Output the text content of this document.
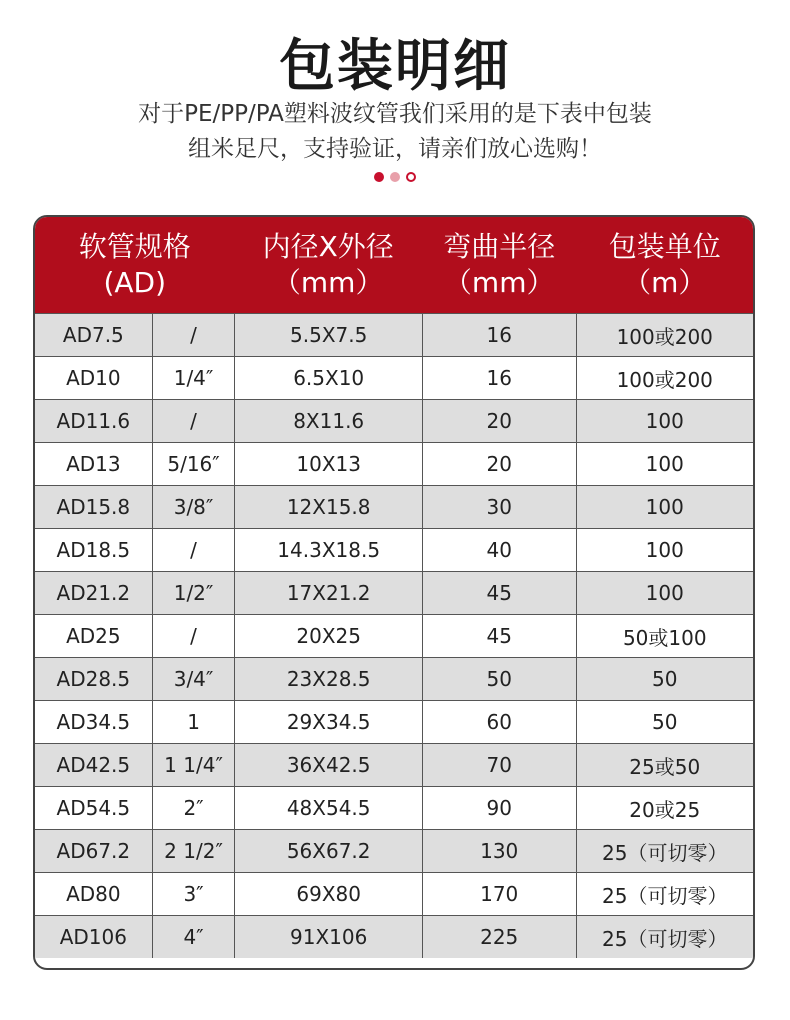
包装明细
对于PE/PP/PA塑料波纹管我们采用的是下表中包装
组米足尺，支持验证，请亲们放心选购！
软管规格
(AD)
内径X外径
（mm）
弯曲半径
（mm）
包装单位
（m）
AD7.5	/	5.5X7.5	16	100或200
AD10	1/4″	6.5X10	16	100或200
AD11.6	/	8X11.6	20	100
AD13	5/16″	10X13	20	100
AD15.8	3/8″	12X15.8	30	100
AD18.5	/	14.3X18.5	40	100
AD21.2	1/2″	17X21.2	45	100
AD25	/	20X25	45	50或100
AD28.5	3/4″	23X28.5	50	50
AD34.5	1	29X34.5	60	50
AD42.5	1 1/4″	36X42.5	70	25或50
AD54.5	2″	48X54.5	90	20或25
AD67.2	2 1/2″	56X67.2	130	25（可切零）
AD80	3″	69X80	170	25（可切零）
AD106	4″	91X106	225	25（可切零）
